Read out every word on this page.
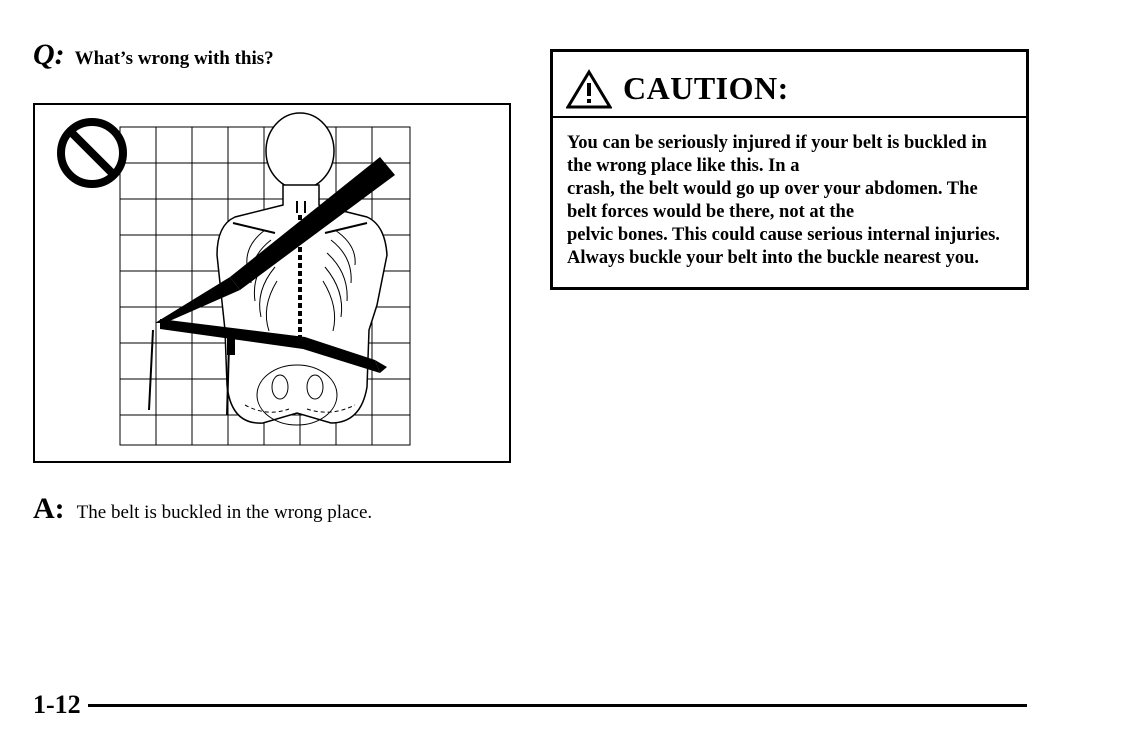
Q: What’s wrong with this?
A: The belt is buckled in the wrong place.
CAUTION:
You can be seriously injured if your belt is buckled in
the wrong place like this. In a
crash, the belt would go up over your abdomen. The
belt forces would be there, not at the
pelvic bones. This could cause serious internal injuries.
Always buckle your belt into the buckle nearest you.
1-12
